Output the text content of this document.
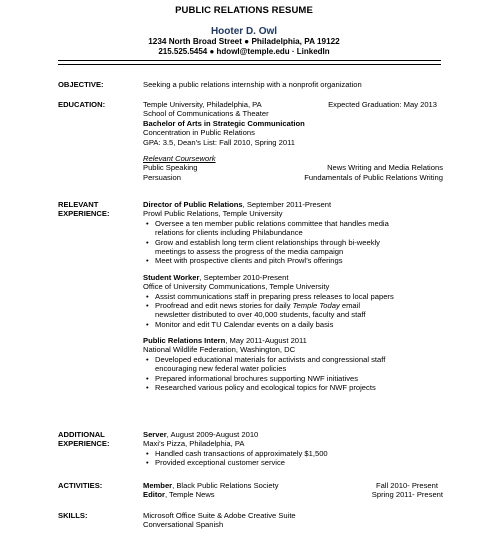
PUBLIC RELATIONS RESUME
Hooter D. Owl
1234 North Broad Street ● Philadelphia, PA 19122
215.525.5454 ● hdowl@temple.edu · LinkedIn
OBJECTIVE:	Seeking a public relations internship with a nonprofit organization
EDUCATION:	Temple University, Philadelphia, PA	Expected Graduation: May 2013
School of Communications & Theater
Bachelor of Arts in Strategic Communication
Concentration in Public Relations
GPA: 3.5, Dean’s List: Fall 2010, Spring 2011
Relevant Coursework
Public Speaking	News Writing and Media Relations
Persuasion	Fundamentals of Public Relations Writing
RELEVANT
EXPERIENCE:
Director of Public Relations, September 2011-Present
Prowl Public Relations, Temple University
• Oversee a ten member public relations committee that handles media
relations for clients including Philabundance
• Grow and establish long term client relationships through bi-weekly
meetings to assess the progress of the media campaign
• Meet with prospective clients and pitch Prowl’s offerings
Student Worker, September 2010-Present
Office of University Communications, Temple University
• Assist communications staff in preparing press releases to local papers
• Proofread and edit news stories for daily Temple Today email
newsletter distributed to over 40,000 students, faculty and staff
• Monitor and edit TU Calendar events on a daily basis
Public Relations Intern, May 2011-August 2011
National Wildlife Federation, Washington, DC
• Developed educational materials for activists and congressional staff
encouraging new federal water policies
• Prepared informational brochures supporting NWF initiatives
• Researched various policy and ecological topics for NWF projects
ADDITIONAL
EXPERIENCE:
Server, August 2009-August 2010
Maxi’s Pizza, Philadelphia, PA
• Handled cash transactions of approximately $1,500
• Provided exceptional customer service
ACTIVITIES:	Member, Black Public Relations Society	Fall 2010- Present
Editor, Temple News	Spring 2011- Present
SKILLS:	Microsoft Office Suite & Adobe Creative Suite
Conversational Spanish
